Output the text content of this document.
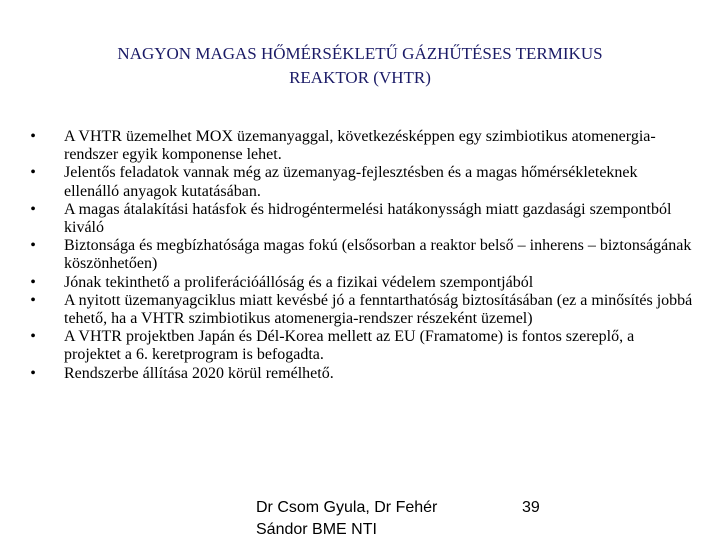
NAGYON MAGAS HŐMÉRSÉKLETŰ GÁZHŰTÉSES TERMIKUS
REAKTOR (VHTR)
• A VHTR üzemelhet MOX üzemanyaggal, következésképpen egy szimbiotikus atomenergia-rendszer egyik komponense lehet.
• Jelentős feladatok vannak még az üzemanyag-fejlesztésben és a magas hőmérsékleteknek ellenálló anyagok kutatásában.
• A magas átalakítási hatásfok és hidrogéntermelési hatákonysságh miatt gazdasági szempontból kiváló
• Biztonsága és megbízhatósága magas fokú (elsősorban a reaktor belső – inherens – biztonságának köszönhetően)
• Jónak tekinthető a proliferációállóság és a fizikai védelem szempontjából
• A nyitott üzemanyagciklus miatt kevésbé jó a fenntarthatóság biztosításában (ez a minősítés jobbá tehető, ha a VHTR szimbiotikus atomenergia-rendszer részeként üzemel)
• A VHTR projektben Japán és Dél-Korea mellett az EU (Framatome) is fontos szereplő, a projektet a 6. keretprogram is befogadta.
• Rendszerbe állítása 2020 körül remélhető.
Dr Csom Gyula, Dr Fehér
Sándor BME NTI
39
